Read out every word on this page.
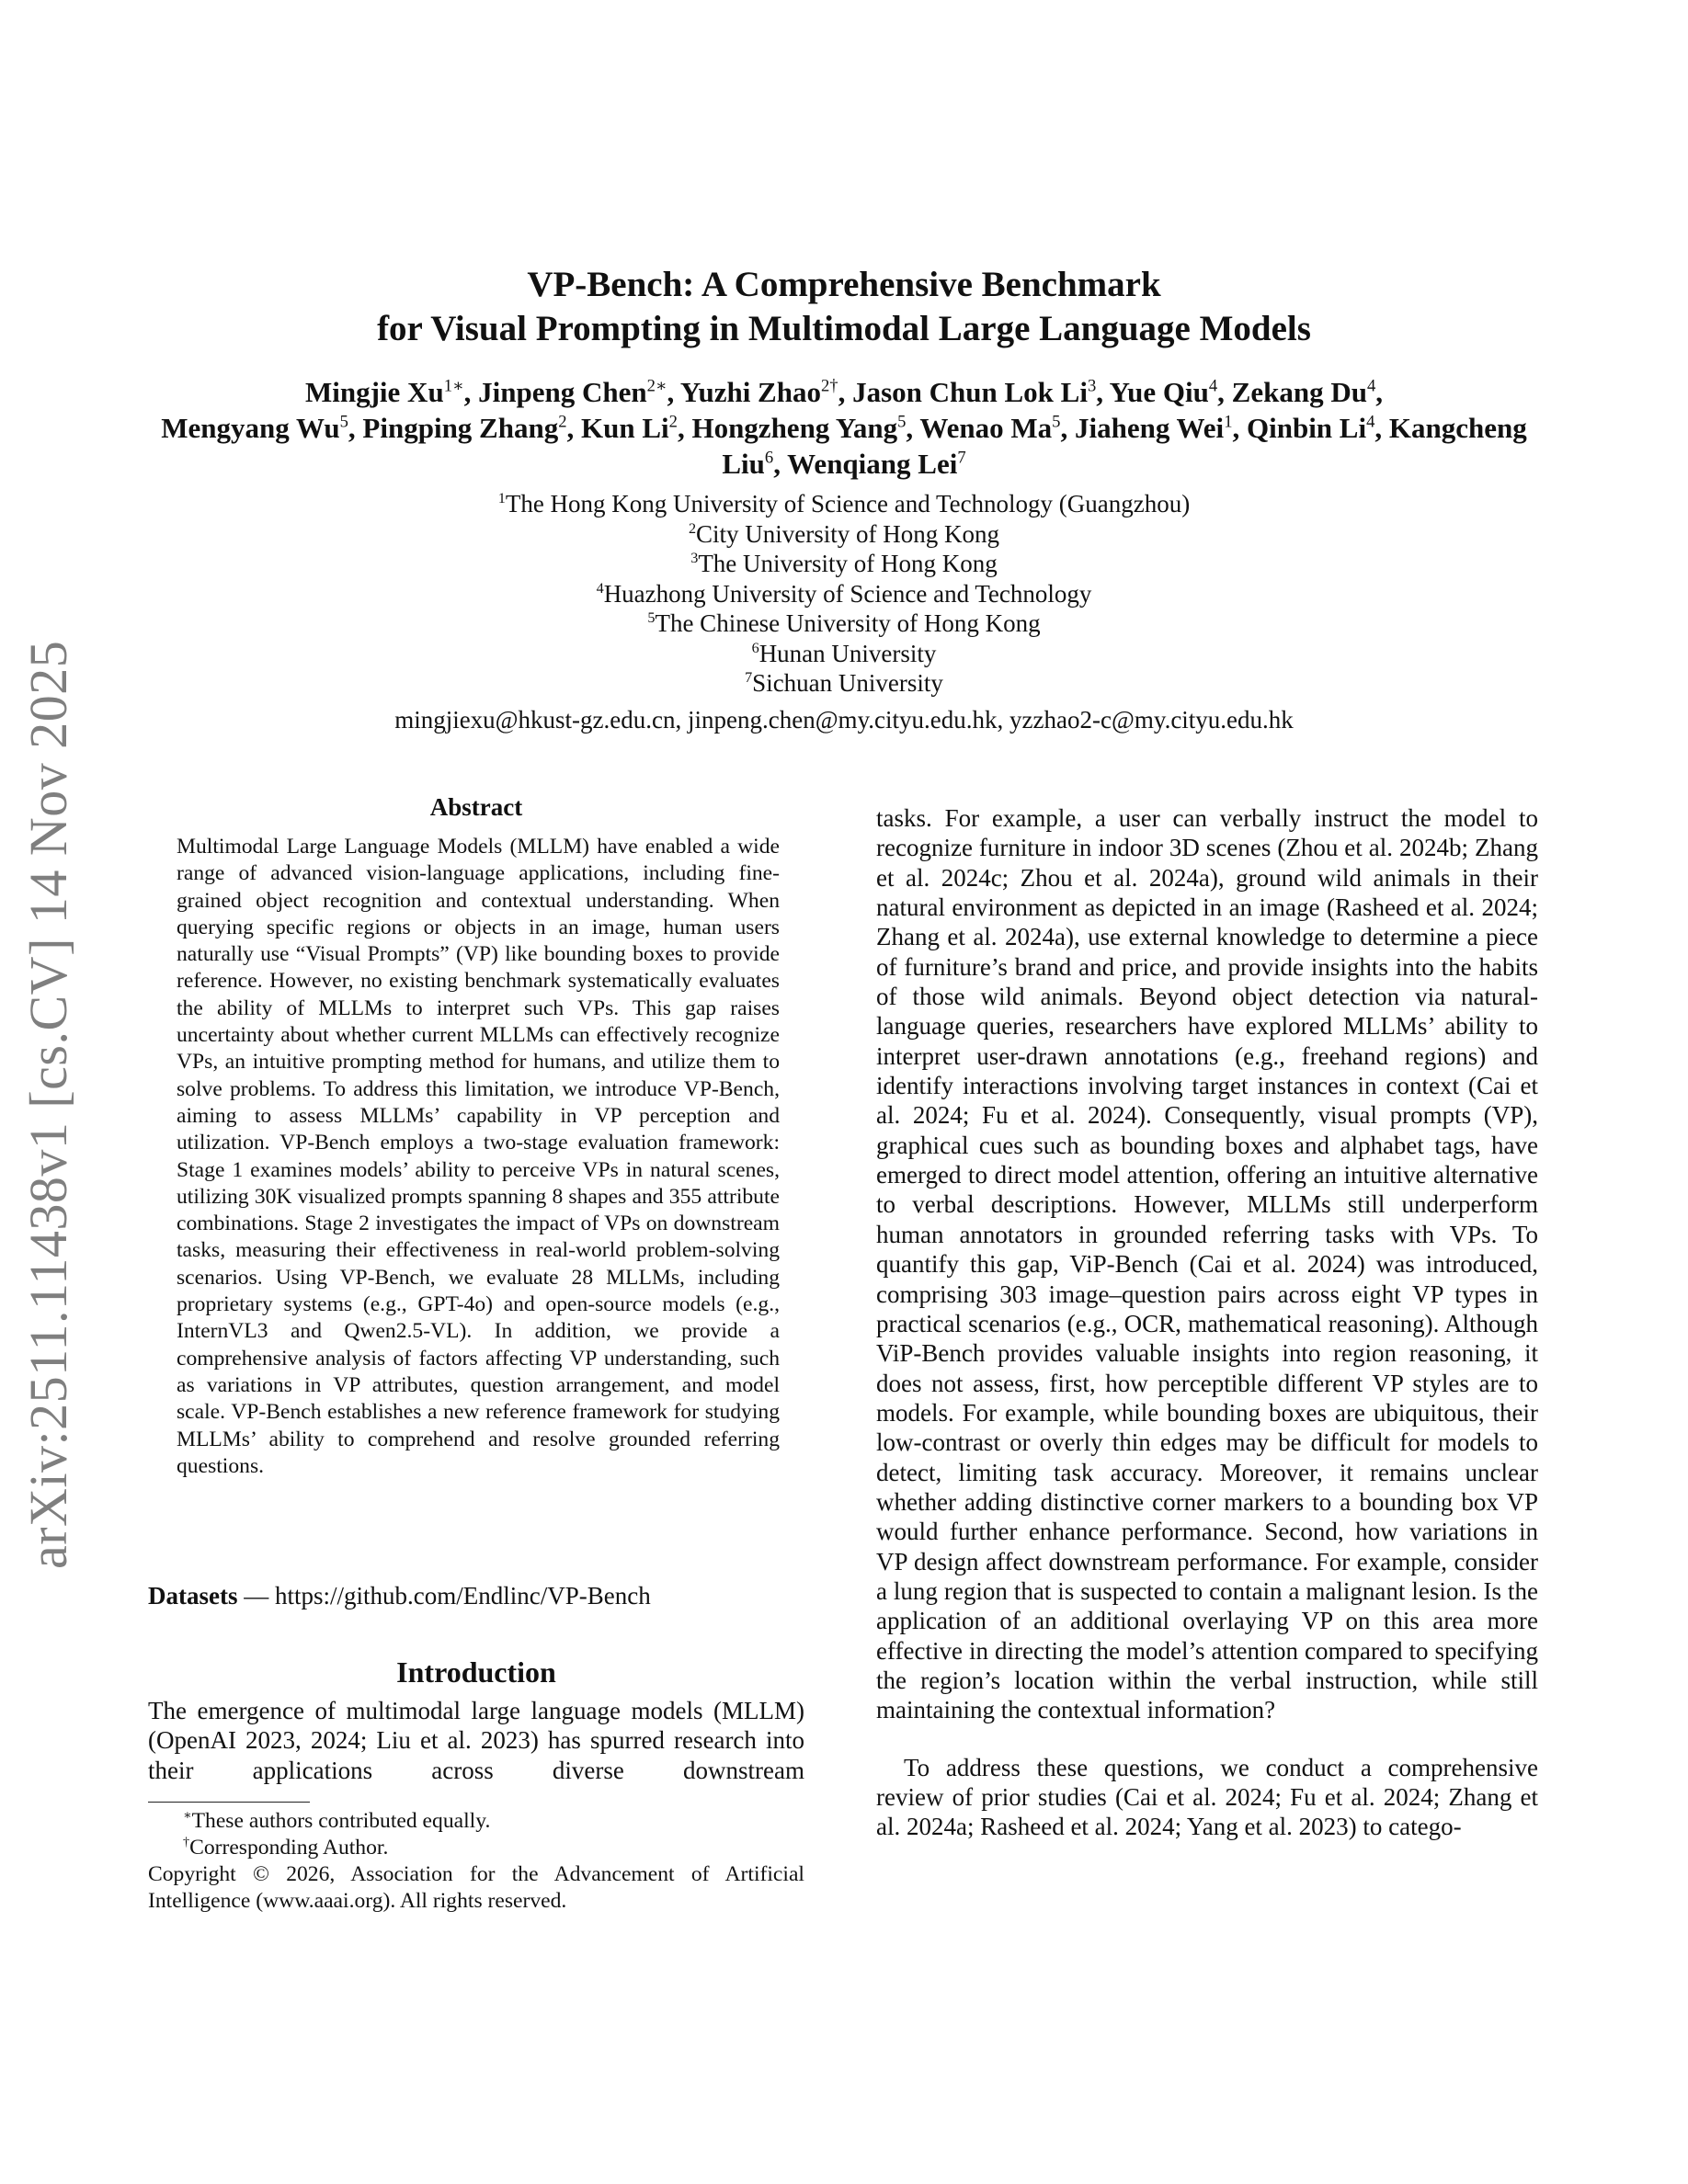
arXiv:2511.11438v1 [cs.CV] 14 Nov 2025
VP-Bench: A Comprehensive Benchmark
for Visual Prompting in Multimodal Large Language Models
Mingjie $Xu^{1∗}$, Jinpeng Chen$^{2∗}$, Yuzhi Zhao$^{2\dagger}$, Jason Chun Lok Li$^3$, Yue Qiu$^4$, Zekang Du$^4$,
Mengyang Wu$^5$, Pingping Zhang$^2$, Kun Li$^2$, Hongzheng Yang$^5$, Wenao Ma$^5$, Jiaheng Wei$^1$, Qinbin Li$^4$, Kangcheng Liu$^6$, Wenqiang Lei$^7$
$^1$The Hong Kong University of Science and Technology (Guangzhou)
$^2$City University of Hong Kong
$^3$The University of Hong Kong
$^4$Huazhong University of Science and Technology
$^5$The Chinese University of Hong Kong
$^6$Hunan University
$^7$Sichuan University
mingjiexu@hkust-gz.edu.cn, jinpeng.chen@my.cityu.edu.hk, yzzhao2-c@my.cityu.edu.hk
Abstract

Multimodal Large Language Models (MLLM) have enabled a wide range of advanced vision-language applications, including fine-grained object recognition and contextual understanding. When querying specific regions or objects in an image, human users naturally use “Visual Prompts” (VP) like bounding boxes to provide reference. However, no existing benchmark systematically evaluates the ability of MLLMs to interpret such VPs. This gap raises uncertainty about whether current MLLMs can effectively recognize VPs, an intuitive prompting method for humans, and utilize them to solve problems. To address this limitation, we introduce VP-Bench, aiming to assess MLLMs’ capability in VP perception and utilization. VP-Bench employs a two-stage evaluation framework: Stage 1 examines models’ ability to perceive VPs in natural scenes, utilizing 30K visualized prompts spanning 8 shapes and 355 attribute combinations. Stage 2 investigates the impact of VPs on downstream tasks, measuring their effectiveness in real-world problem-solving scenarios. Using VP-Bench, we evaluate 28 MLLMs, including proprietary systems (e.g., GPT-4o) and open-source models (e.g., InternVL3 and Qwen2.5-VL). In addition, we provide a comprehensive analysis of factors affecting VP understanding, such as variations in VP attributes, question arrangement, and model scale. VP-Bench establishes a new reference framework for studying MLLMs’ ability to comprehend and resolve grounded referring questions.

Datasets — https://github.com/Endlinc/VP-Bench
Introduction

The emergence of multimodal large language models (MLLM) (OpenAI 2023, 2024; Liu et al. 2023) has spurred research into their applications across diverse downstream

∗These authors contributed equally.
†Corresponding Author.
Copyright © 2026, Association for the Advancement of Artificial Intelligence (www.aaai.org). All rights reserved.

tasks. For example, a user can verbally instruct the model to recognize furniture in indoor 3D scenes (Zhou et al. 2024b; Zhang et al. 2024c; Zhou et al. 2024a), ground wild animals in their natural environment as depicted in an image (Rasheed et al. 2024; Zhang et al. 2024a), use external knowledge to determine a piece of furniture’s brand and price, and provide insights into the habits of those wild animals. Beyond object detection via natural-language queries, researchers have explored MLLMs’ ability to interpret user-drawn annotations (e.g., freehand regions) and identify interactions involving target instances in context (Cai et al. 2024; Fu et al. 2024). Consequently, visual prompts (VP), graphical cues such as bounding boxes and alphabet tags, have emerged to direct model attention, offering an intuitive alternative to verbal descriptions. However, MLLMs still underperform human annotators in grounded referring tasks with VPs. To quantify this gap, ViP-Bench (Cai et al. 2024) was introduced, comprising 303 image–question pairs across eight VP types in practical scenarios (e.g., OCR, mathematical reasoning). Although ViP-Bench provides valuable insights into region reasoning, it does not assess, first, how perceptible different VP styles are to models. For example, while bounding boxes are ubiquitous, their low-contrast or overly thin edges may be difficult for models to detect, limiting task accuracy. Moreover, it remains unclear whether adding distinctive corner markers to a bounding box VP would further enhance performance. Second, how variations in VP design affect downstream performance. For example, consider a lung region that is suspected to contain a malignant lesion. Is the application of an additional overlaying VP on this area more effective in directing the model’s attention compared to specifying the region’s location within the verbal instruction, while still maintaining the contextual information?

To address these questions, we conduct a comprehensive review of prior studies (Cai et al. 2024; Fu et al. 2024; Zhang et al. 2024a; Rasheed et al. 2024; Yang et al. 2023) to catego-
